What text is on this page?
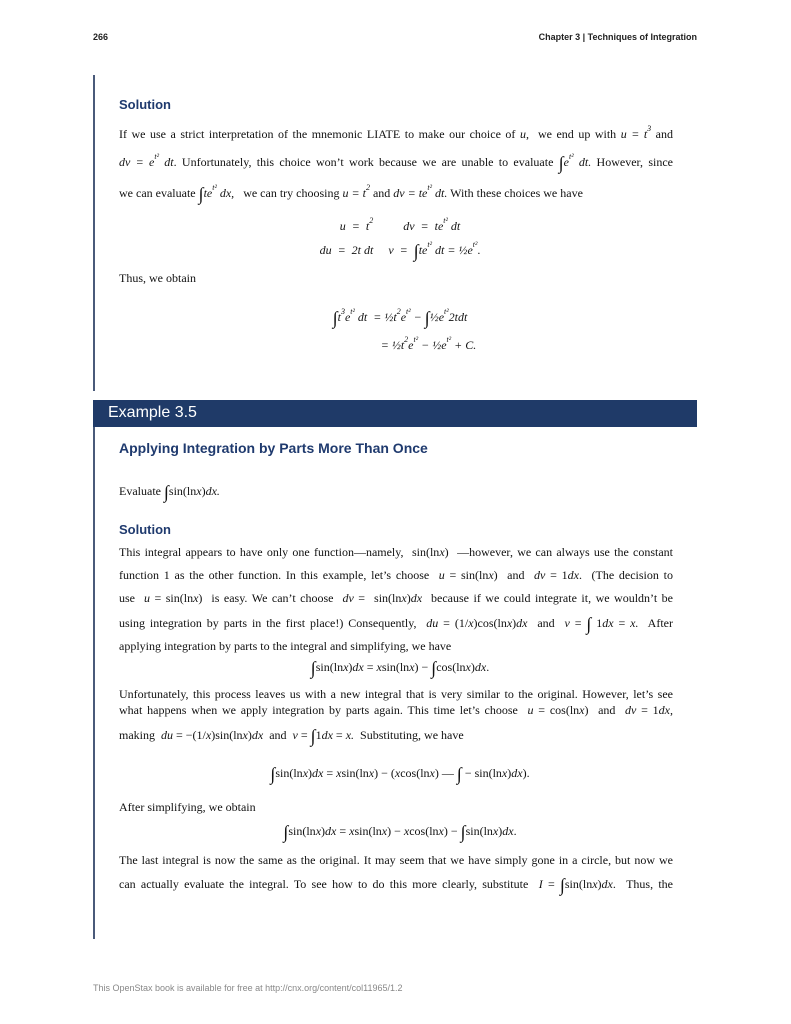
266	Chapter 3 | Techniques of Integration
Solution
If we use a strict interpretation of the mnemonic LIATE to make our choice of u,  we end up with $u = t^3$ and
dv = $e^{t^2}$ dt. Unfortunately, this choice won’t work because we are unable to evaluate $\int e^{t^2}$ dt. However, since
we can evaluate $\int te^{t^2}$ dx,   we can try choosing $u = t^2$ and dv = $te^{t^2}$ dt. With these choices we have
$u = t^2$          dv  =  $te^{t^2}$ dt
du  =  2t dt     $v = \int te^{t^2}$ dt = $\frac{1}{2}e^{t^2}$.
Thus, we obtain
$\int t^3e^{t^2}$ dt  = $\frac{1}{2}t^2e^{t^2}$ − $\int\frac{1}{2}e^{t^2}2tdt$
= $\frac{1}{2}t^2e^{t^2}$ − $\frac{1}{2}e^{t^2} + C$.
Example 3.5
Applying Integration by Parts More Than Once
Evaluate ∫sin(lnx)dx.
Solution
This integral appears to have only one function—namely,  sin(lnx)  —however, we can always use the constant
function 1 as the other function. In this example, let’s choose  u = sin(lnx)  and  dv = 1dx.  (The decision to
use  u = sin(lnx)  is easy. We can’t choose  dv =  sin(lnx)dx  because if we could integrate it, we wouldn’t be
using integration by parts in the first place!) Consequently,  du = (1/x)cos(lnx)dx  and  v = ∫ 1dx = x.  After
applying integration by parts to the integral and simplifying, we have
∫sin(lnx)dx = xsin(lnx) − ∫cos(lnx)dx.
Unfortunately, this process leaves us with a new integral that is very similar to the original. However, let’s see
what happens when we apply integration by parts again. This time let’s choose  u = cos(lnx)  and  dv = 1dx,
making  du = −(1/x)sin(lnx)dx  and  v = ∫1dx = x.  Substituting, we have
∫sin(lnx)dx = xsin(lnx) − (xcos(lnx) — ∫ − sin(lnx)dx).
After simplifying, we obtain
∫sin(lnx)dx = xsin(lnx) − xcos(lnx) − ∫sin(lnx)dx.
The last integral is now the same as the original. It may seem that we have simply gone in a circle, but now we
can actually evaluate the integral. To see how to do this more clearly, substitute  I = ∫sin(lnx)dx.  Thus, the
This OpenStax book is available for free at http://cnx.org/content/col11965/1.2
